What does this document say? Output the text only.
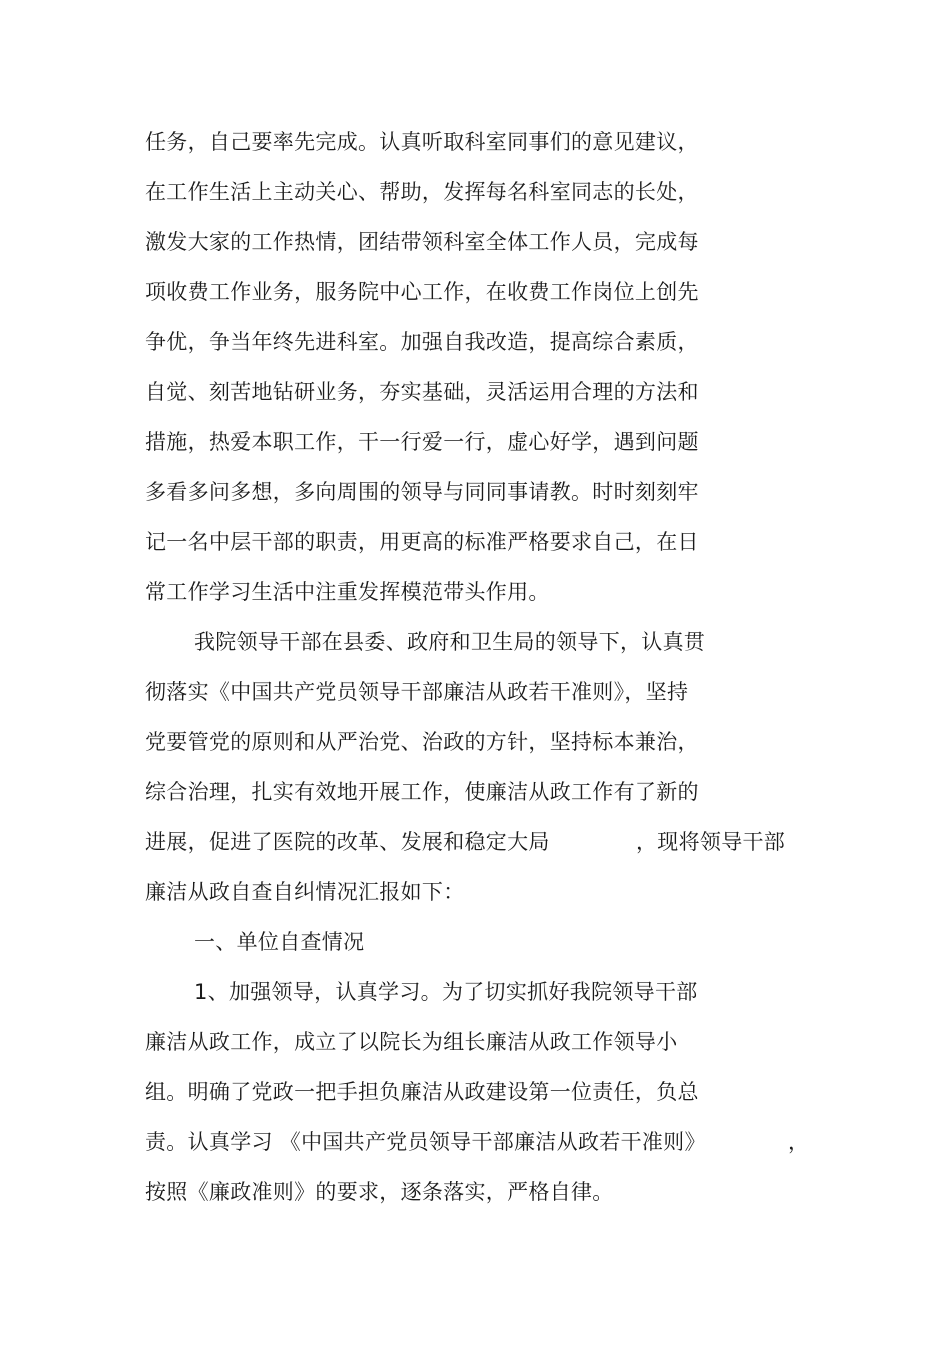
任务，自己要率先完成。认真听取科室同事们的意见建议，
在工作生活上主动关心、帮助，发挥每名科室同志的长处，
激发大家的工作热情，团结带领科室全体工作人员，完成每
项收费工作业务，服务院中心工作，在收费工作岗位上创先
争优，争当年终先进科室。加强自我改造，提高综合素质，
自觉、刻苦地钻研业务，夯实基础，灵活运用合理的方法和
措施，热爱本职工作，干一行爱一行，虚心好学，遇到问题
多看多问多想，多向周围的领导与同同事请教。时时刻刻牢
记一名中层干部的职责，用更高的标准严格要求自己，在日
常工作学习生活中注重发挥模范带头作用。
我院领导干部在县委、政府和卫生局的领导下，认真贯
彻落实《中国共产党员领导干部廉洁从政若干准则》，坚持
党要管党的原则和从严治党、治政的方针，坚持标本兼治，
综合治理，扎实有效地开展工作，使廉洁从政工作有了新的
进展，促进了医院的改革、发展和稳定大局	，现将领导干部
廉洁从政自查自纠情况汇报如下：
一、单位自查情况
1、加强领导，认真学习。为了切实抓好我院领导干部
廉洁从政工作，成立了以院长为组长廉洁从政工作领导小
组。明确了党政一把手担负廉洁从政建设第一位责任，负总
责。认真学习 《中国共产党员领导干部廉洁从政若干准则》	，
按照《廉政准则》的要求，逐条落实，严格自律。
